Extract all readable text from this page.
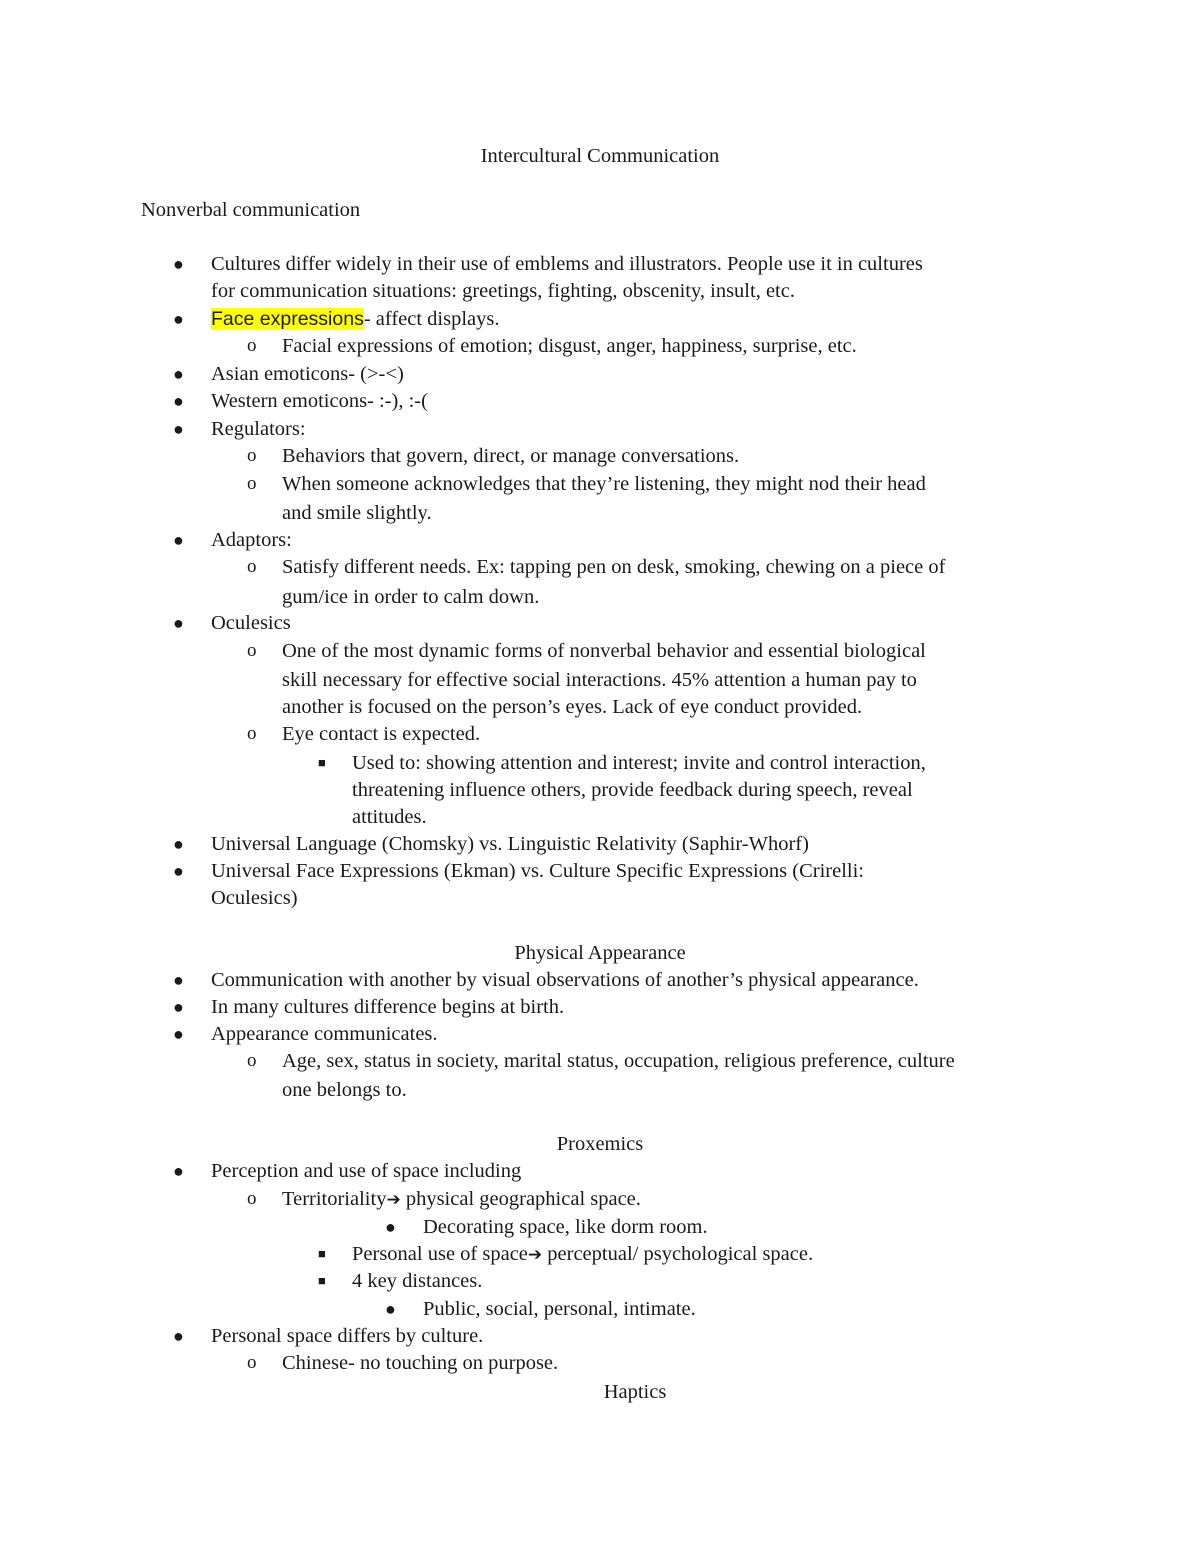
Intercultural Communication
Nonverbal communication
● Cultures differ widely in their use of emblems and illustrators. People use it in cultures
for communication situations: greetings, fighting, obscenity, insult, etc.
● Face expressions- affect displays.
o Facial expressions of emotion; disgust, anger, happiness, surprise, etc.
● Asian emoticons- (>-<)
● Western emoticons- :-), :-(
● Regulators:
o Behaviors that govern, direct, or manage conversations.
o When someone acknowledges that they’re listening, they might nod their head
and smile slightly.
● Adaptors:
o Satisfy different needs. Ex: tapping pen on desk, smoking, chewing on a piece of
gum/ice in order to calm down.
● Oculesics
o One of the most dynamic forms of nonverbal behavior and essential biological
skill necessary for effective social interactions. 45% attention a human pay to
another is focused on the person’s eyes. Lack of eye conduct provided.
o Eye contact is expected.
■ Used to: showing attention and interest; invite and control interaction,
threatening influence others, provide feedback during speech, reveal
attitudes.
● Universal Language (Chomsky) vs. Linguistic Relativity (Saphir-Whorf)
● Universal Face Expressions (Ekman) vs. Culture Specific Expressions (Crirelli:
Oculesics)
Physical Appearance
● Communication with another by visual observations of another’s physical appearance.
● In many cultures difference begins at birth.
● Appearance communicates.
o Age, sex, status in society, marital status, occupation, religious preference, culture
one belongs to.
Proxemics
● Perception and use of space including
o Territoriality➔ physical geographical space.
● Decorating space, like dorm room.
■ Personal use of space➔ perceptual/ psychological space.
■ 4 key distances.
● Public, social, personal, intimate.
● Personal space differs by culture.
o Chinese- no touching on purpose.
Haptics
